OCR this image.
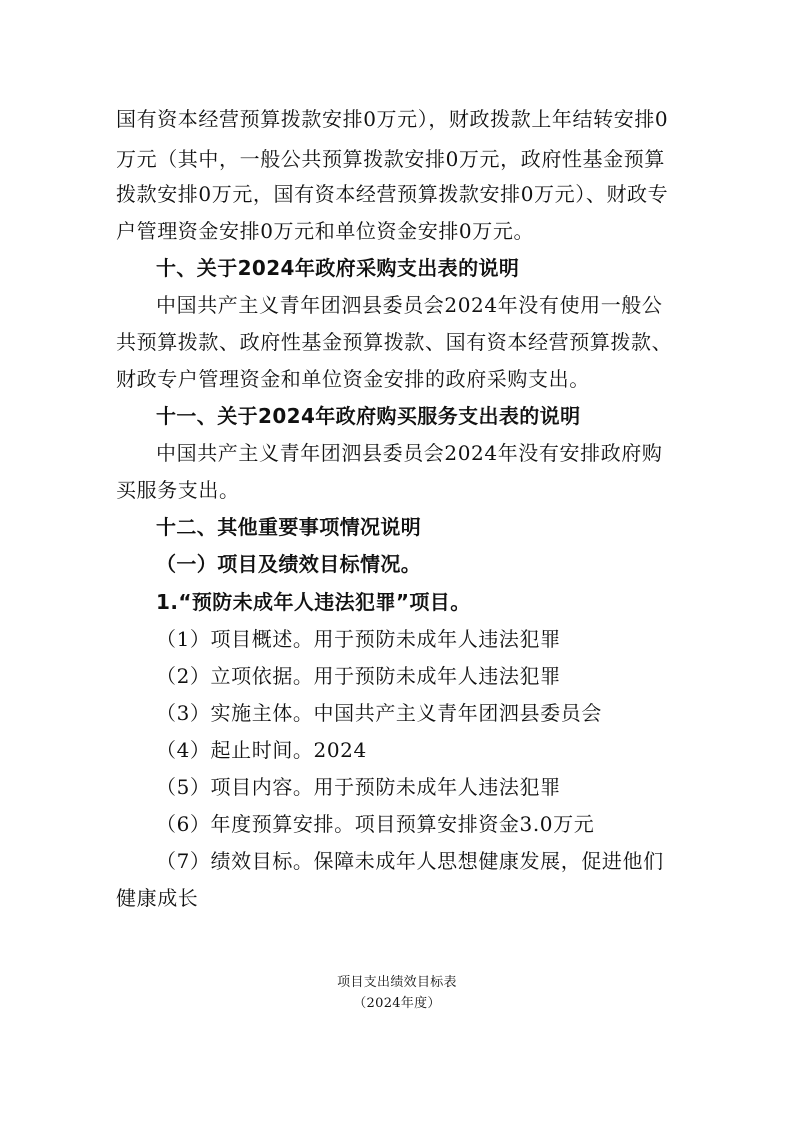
国有资本经营预算拨款安排0万元），财政拨款上年结转安排0
万元（其中，一般公共预算拨款安排0万元，政府性基金预算
拨款安排0万元，国有资本经营预算拨款安排0万元）、财政专
户管理资金安排0万元和单位资金安排0万元。
十、关于2024年政府采购支出表的说明
中国共产主义青年团泗县委员会2024年没有使用一般公
共预算拨款、政府性基金预算拨款、国有资本经营预算拨款、
财政专户管理资金和单位资金安排的政府采购支出。
十一、关于2024年政府购买服务支出表的说明
中国共产主义青年团泗县委员会2024年没有安排政府购
买服务支出。
十二、其他重要事项情况说明
（一）项目及绩效目标情况。
1.“预防未成年人违法犯罪”项目。
（1）项目概述。用于预防未成年人违法犯罪
（2）立项依据。用于预防未成年人违法犯罪
（3）实施主体。中国共产主义青年团泗县委员会
（4）起止时间。2024
（5）项目内容。用于预防未成年人违法犯罪
（6）年度预算安排。项目预算安排资金3.0万元
（7）绩效目标。保障未成年人思想健康发展，促进他们
健康成长
项目支出绩效目标表
（2024年度）
